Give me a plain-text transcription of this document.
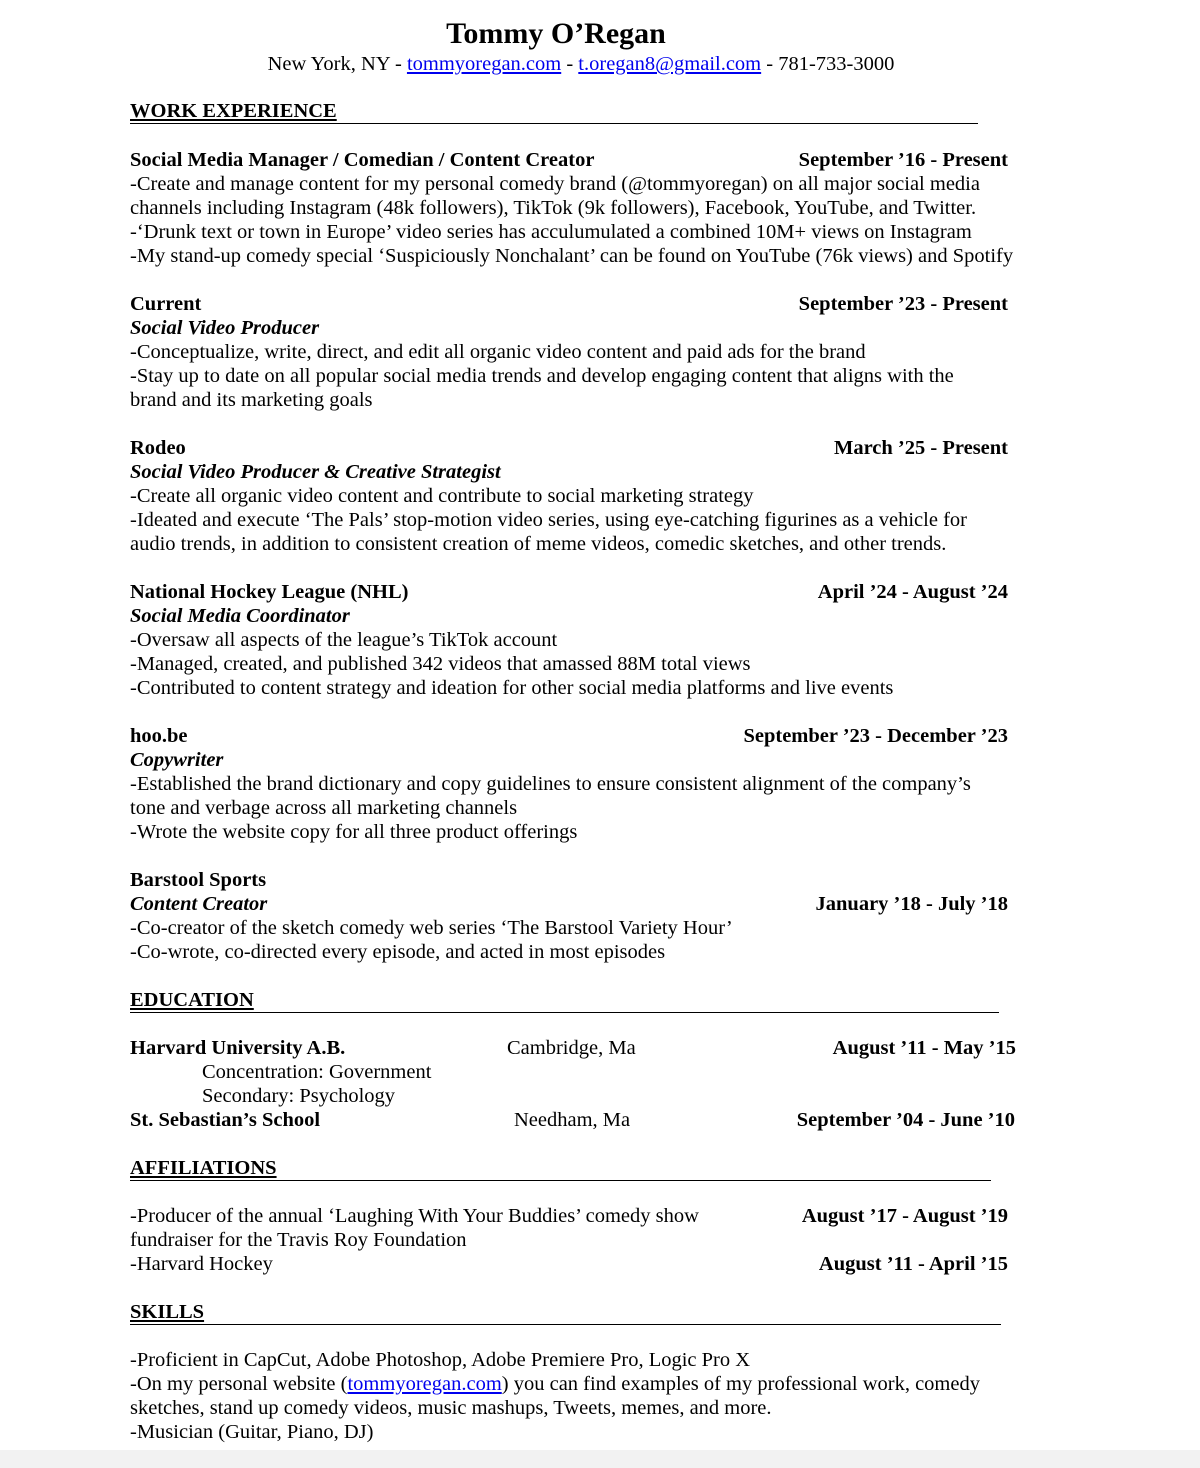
Tommy O’Regan
New York, NY - tommyoregan.com - t.oregan8@gmail.com - 781-733-3000
WORK EXPERIENCE
Social Media Manager / Comedian / Content Creator	September ’16 - Present
-Create and manage content for my personal comedy brand (@tommyoregan) on all major social media
channels including Instagram (48k followers), TikTok (9k followers), Facebook, YouTube, and Twitter.
-‘Drunk text or town in Europe’ video series has acculumulated a combined 10M+ views on Instagram
-My stand-up comedy special ‘Suspiciously Nonchalant’ can be found on YouTube (76k views) and Spotify
Current	September ’23 - Present
Social Video Producer
-Conceptualize, write, direct, and edit all organic video content and paid ads for the brand
-Stay up to date on all popular social media trends and develop engaging content that aligns with the
brand and its marketing goals
Rodeo	March ’25 - Present
Social Video Producer & Creative Strategist
-Create all organic video content and contribute to social marketing strategy
-Ideated and execute ‘The Pals’ stop-motion video series, using eye-catching figurines as a vehicle for
audio trends, in addition to consistent creation of meme videos, comedic sketches, and other trends.
National Hockey League (NHL)	April ’24 - August ’24
Social Media Coordinator
-Oversaw all aspects of the league’s TikTok account
-Managed, created, and published 342 videos that amassed 88M total views
-Contributed to content strategy and ideation for other social media platforms and live events
hoo.be	September ’23 - December ’23
Copywriter
-Established the brand dictionary and copy guidelines to ensure consistent alignment of the company’s
tone and verbage across all marketing channels
-Wrote the website copy for all three product offerings
Barstool Sports
Content Creator	January ’18 - July ’18
-Co-creator of the sketch comedy web series ‘The Barstool Variety Hour’
-Co-wrote, co-directed every episode, and acted in most episodes
EDUCATION
Harvard University A.B.	Cambridge, Ma	August ’11 - May ’15
Concentration: Government
Secondary: Psychology
St. Sebastian’s School	Needham, Ma	September ’04 - June ’10
AFFILIATIONS
-Producer of the annual ‘Laughing With Your Buddies’ comedy show	August ’17 - August ’19
fundraiser for the Travis Roy Foundation
-Harvard Hockey	August ’11 - April ’15
SKILLS
-Proficient in CapCut, Adobe Photoshop, Adobe Premiere Pro, Logic Pro X
-On my personal website (tommyoregan.com) you can find examples of my professional work, comedy
sketches, stand up comedy videos, music mashups, Tweets, memes, and more.
-Musician (Guitar, Piano, DJ)
